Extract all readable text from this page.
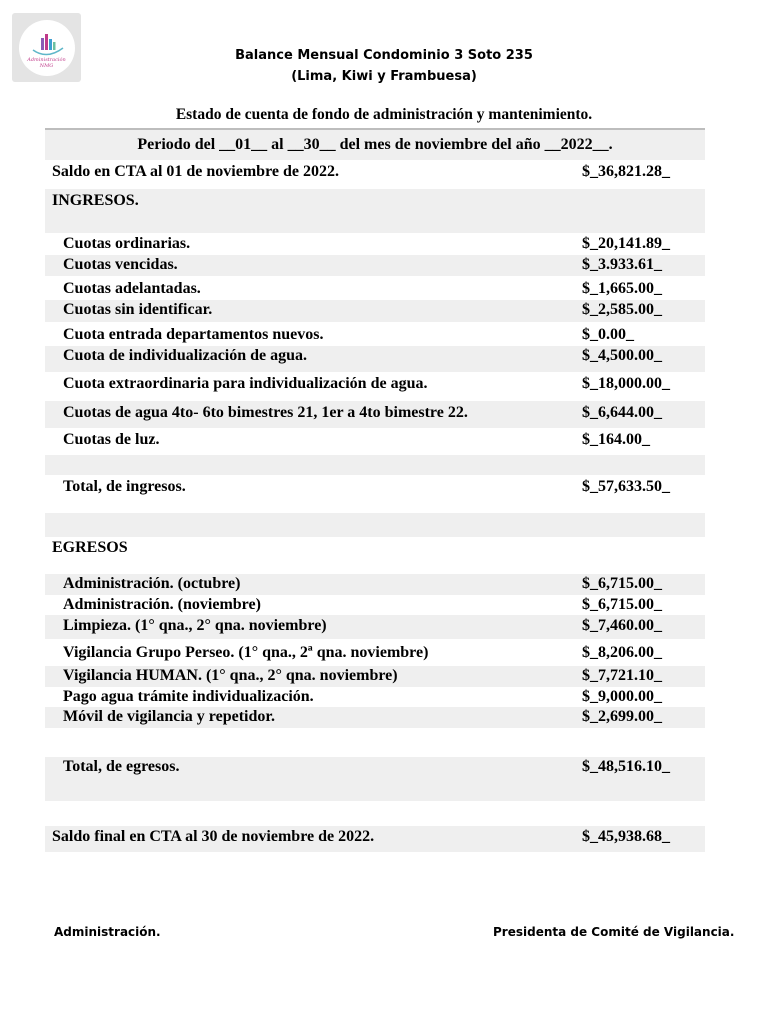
Administración NMG
Balance Mensual Condominio 3 Soto 235
(Lima, Kiwi y Frambuesa)
Estado de cuenta de fondo de administración y mantenimiento.
Periodo del __01__ al __30__ del mes de noviembre del año __2022__.
Saldo en CTA al 01 de noviembre de 2022.	$_36,821.28_
INGRESOS.
Cuotas ordinarias.	$_20,141.89_
Cuotas vencidas.	$_3.933.61_
Cuotas adelantadas.	$_1,665.00_
Cuotas sin identificar.	$_2,585.00_
Cuota entrada departamentos nuevos.	$_0.00_
Cuota de individualización de agua.	$_4,500.00_
Cuota extraordinaria para individualización de agua.	$_18,000.00_
Cuotas de agua 4to- 6to bimestres 21, 1er a 4to bimestre 22.	$_6,644.00_
Cuotas de luz.	$_164.00_
Total, de ingresos.	$_57,633.50_
EGRESOS
Administración. (octubre)	$_6,715.00_
Administración. (noviembre)	$_6,715.00_
Limpieza. (1° qna., 2° qna. noviembre)	$_7,460.00_
Vigilancia Grupo Perseo. (1° qna., 2ª qna. noviembre)	$_8,206.00_
Vigilancia HUMAN. (1° qna., 2° qna. noviembre)	$_7,721.10_
Pago agua trámite individualización.	$_9,000.00_
Móvil de vigilancia y repetidor.	$_2,699.00_
Total, de egresos.	$_48,516.10_
Saldo final en CTA al 30 de noviembre de 2022.	$_45,938.68_
Administración.	Presidenta de Comité de Vigilancia.
